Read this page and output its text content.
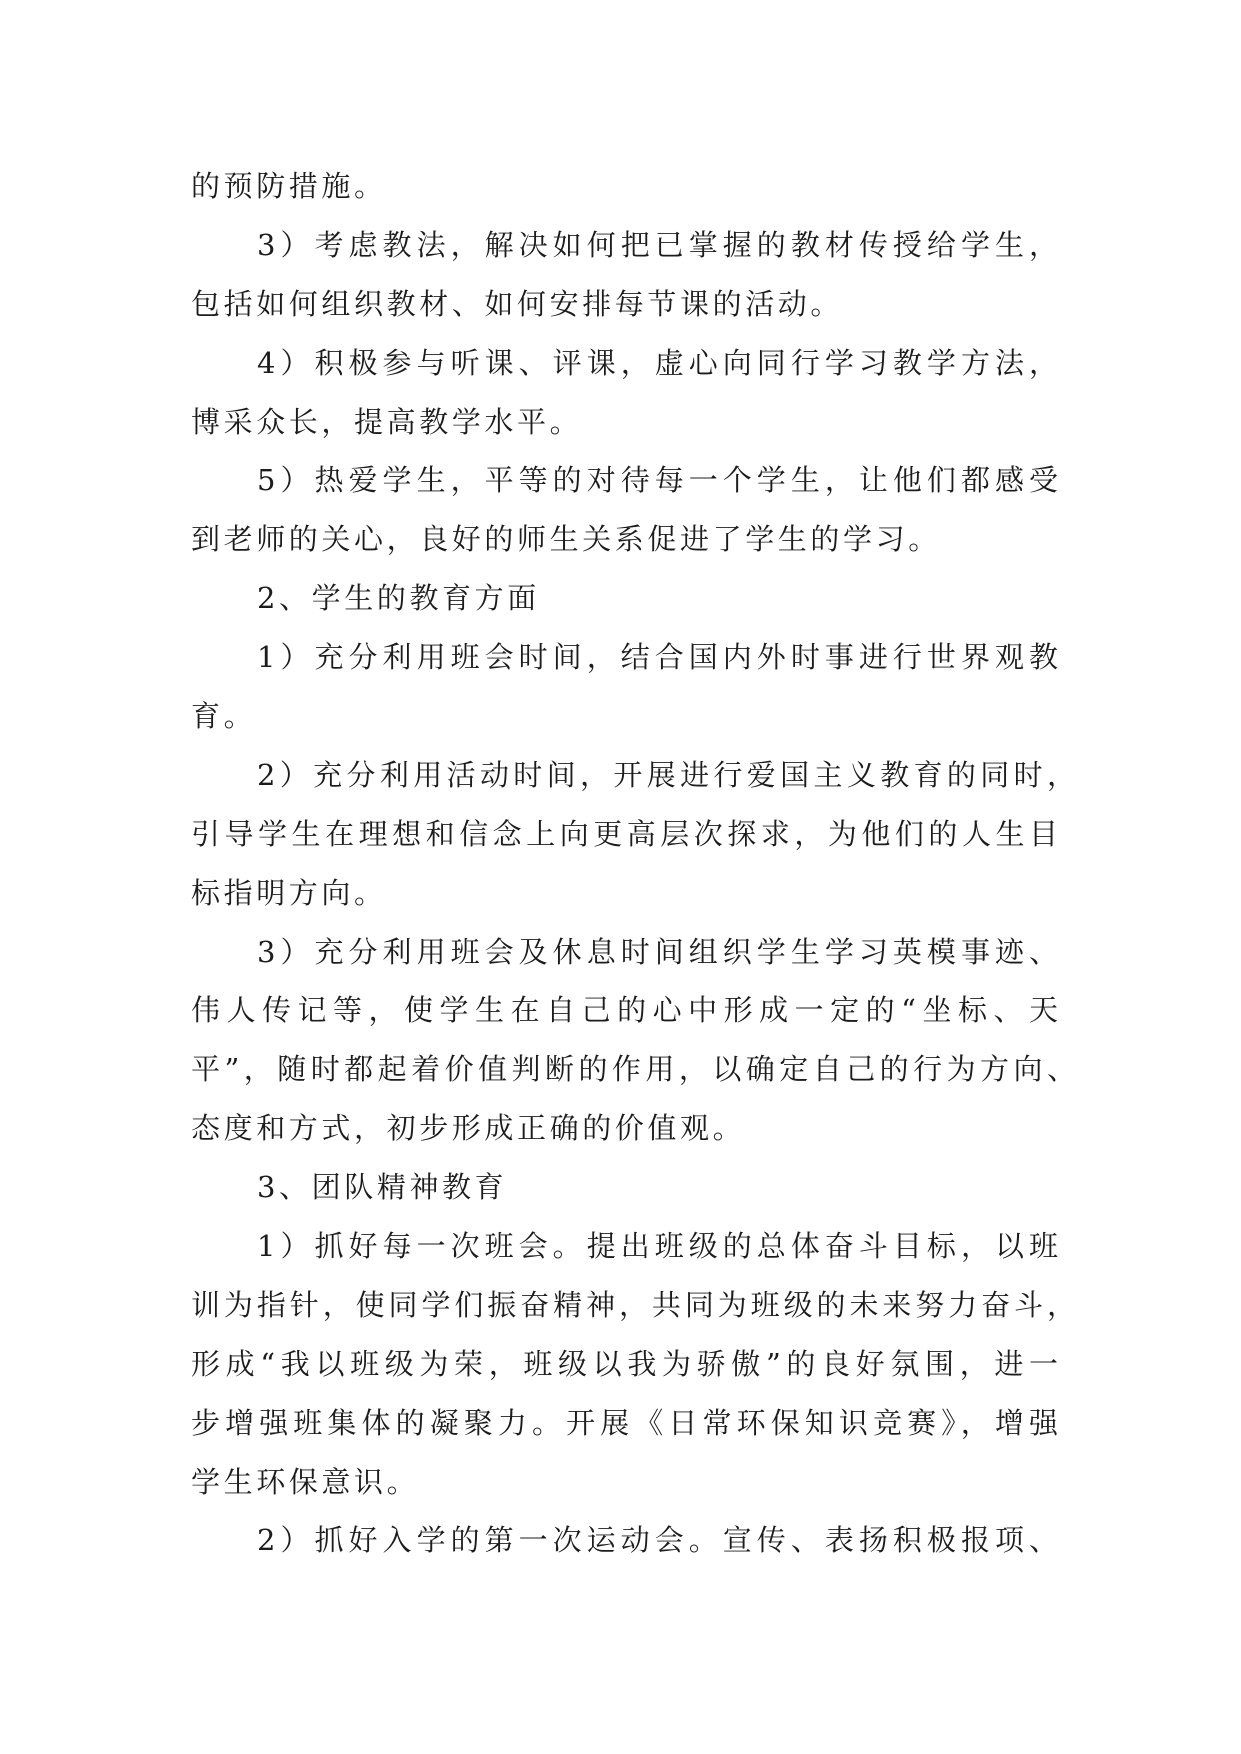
的预防措施。
3）考虑教法，解决如何把已掌握的教材传授给学生，
包括如何组织教材、如何安排每节课的活动。
4）积极参与听课、评课，虚心向同行学习教学方法，
博采众长，提高教学水平。
5）热爱学生，平等的对待每一个学生，让他们都感受
到老师的关心，良好的师生关系促进了学生的学习。
2、学生的教育方面
1）充分利用班会时间，结合国内外时事进行世界观教
育。
2）充分利用活动时间，开展进行爱国主义教育的同时，
引导学生在理想和信念上向更高层次探求，为他们的人生目
标指明方向。
3）充分利用班会及休息时间组织学生学习英模事迹、
伟人传记等，使学生在自己的心中形成一定的“坐标、天
平”，随时都起着价值判断的作用，以确定自己的行为方向、
态度和方式，初步形成正确的价值观。
3、团队精神教育
1）抓好每一次班会。提出班级的总体奋斗目标，以班
训为指针，使同学们振奋精神，共同为班级的未来努力奋斗，
形成“我以班级为荣，班级以我为骄傲”的良好氛围，进一
步增强班集体的凝聚力。开展《日常环保知识竞赛》，增强
学生环保意识。
2）抓好入学的第一次运动会。宣传、表扬积极报项、
